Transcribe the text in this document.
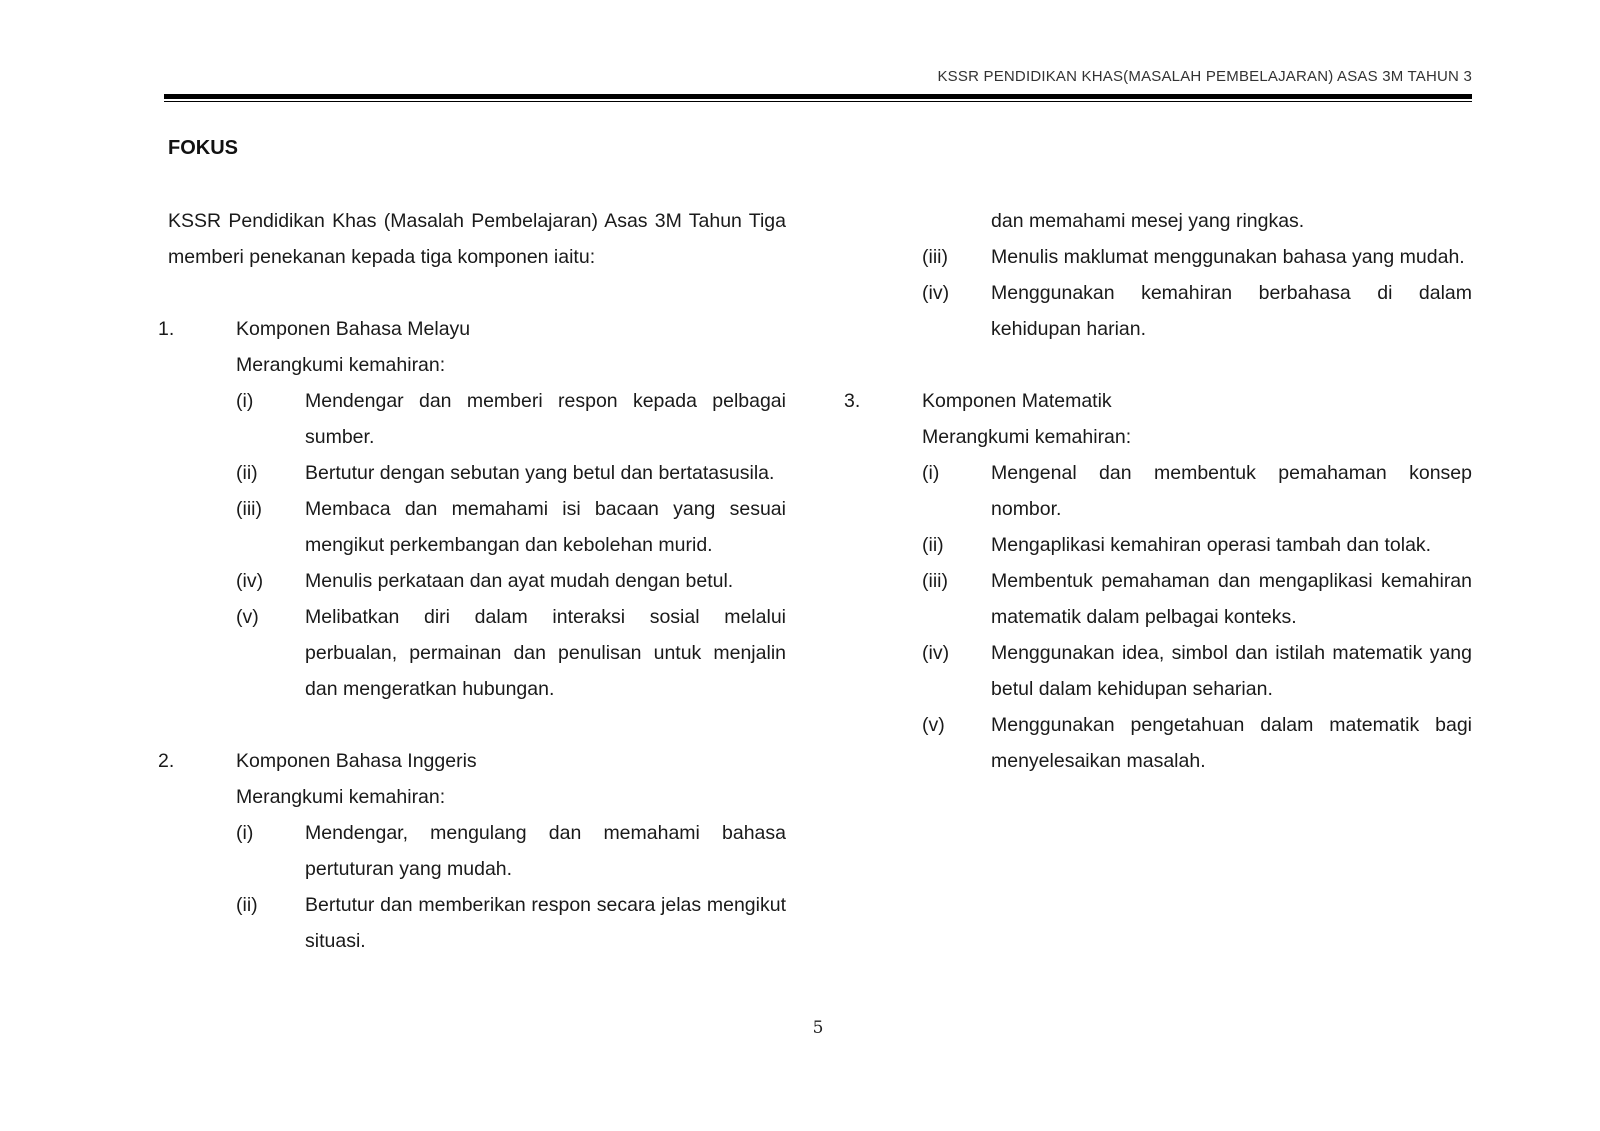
KSSR PENDIDIKAN KHAS(MASALAH PEMBELAJARAN) ASAS 3M TAHUN 3
FOKUS
KSSR Pendidikan Khas (Masalah Pembelajaran) Asas 3M Tahun Tiga memberi penekanan kepada tiga komponen iaitu:
1.	Komponen Bahasa Melayu
Merangkumi kemahiran:
(i)	Mendengar dan memberi respon kepada pelbagai sumber.
(ii) Bertutur dengan sebutan yang betul dan bertatasusila.
(iii) Membaca dan memahami isi bacaan yang sesuai mengikut perkembangan dan kebolehan murid.
(iv) Menulis perkataan dan ayat mudah dengan betul.
(v) Melibatkan diri dalam interaksi sosial melalui perbualan, permainan dan penulisan untuk menjalin dan mengeratkan hubungan.
2.	Komponen Bahasa Inggeris
Merangkumi kemahiran:
(i)	Mendengar, mengulang dan memahami bahasa pertuturan yang mudah.
(ii) Bertutur dan memberikan respon secara jelas mengikut situasi.
dan memahami mesej yang ringkas.
(iii) Menulis maklumat menggunakan bahasa yang mudah.
(iv) Menggunakan kemahiran berbahasa di dalam kehidupan harian.
3.	Komponen Matematik
Merangkumi kemahiran:
(i)	Mengenal dan membentuk pemahaman konsep nombor.
(ii) Mengaplikasi kemahiran operasi tambah dan tolak.
(iii) Membentuk pemahaman dan mengaplikasi kemahiran matematik dalam pelbagai konteks.
(iv) Menggunakan idea, simbol dan istilah matematik yang betul dalam kehidupan seharian.
(v) Menggunakan pengetahuan dalam matematik bagi menyelesaikan masalah.
5
